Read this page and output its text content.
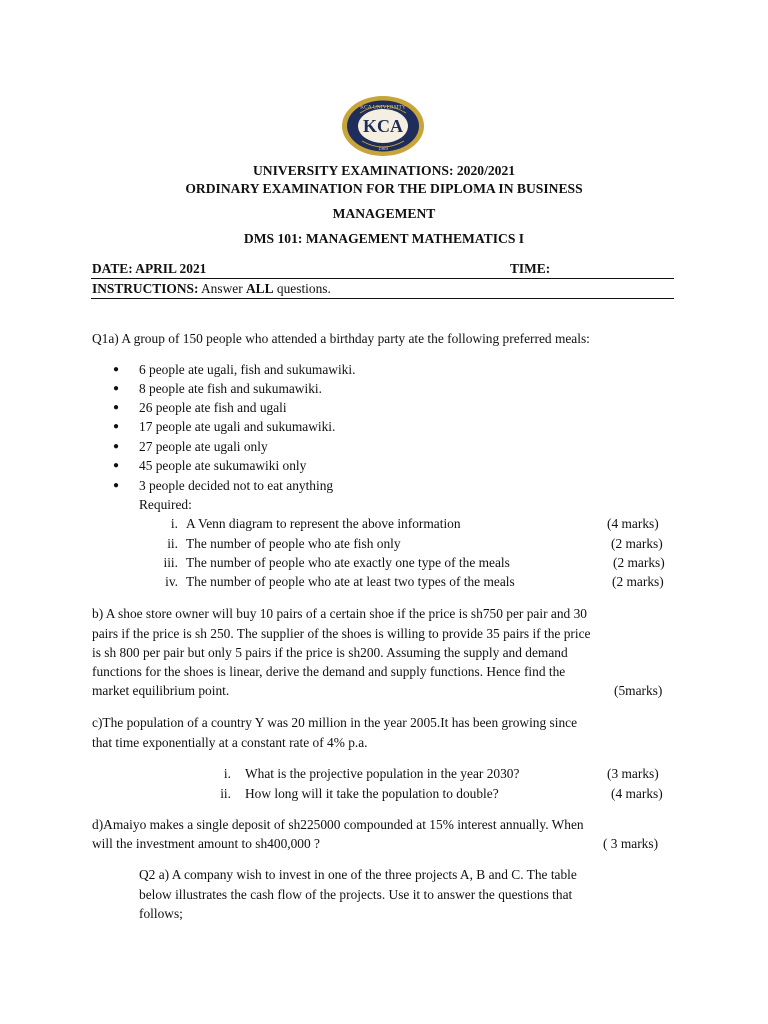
KCA UNIVERSITY
KCA
1989
UNIVERSITY EXAMINATIONS: 2020/2021
ORDINARY EXAMINATION FOR THE DIPLOMA IN BUSINESS
MANAGEMENT
DMS 101: MANAGEMENT MATHEMATICS I
DATE: APRIL 2021	TIME:
INSTRUCTIONS: Answer ALL questions.
Q1a) A group of 150 people who attended a birthday party ate the following preferred meals:
● 6 people ate ugali, fish and sukumawiki.
● 8 people ate fish and sukumawiki.
● 26 people ate fish and ugali
● 17 people ate ugali and sukumawiki.
● 27 people ate ugali only
● 45 people ate sukumawiki only
● 3 people decided not to eat anything
Required:
i. A Venn diagram to represent the above information	(4 marks)
ii. The number of people who ate fish only	(2 marks)
iii. The number of people who ate exactly one type of the meals	(2 marks)
iv. The number of people who ate at least two types of the meals	(2 marks)
b) A shoe store owner will buy 10 pairs of a certain shoe if the price is sh750 per pair and 30
pairs if the price is sh 250. The supplier of the shoes is willing to provide 35 pairs if the price
is sh 800 per pair but only 5 pairs if the price is sh200. Assuming the supply and demand
functions for the shoes is linear, derive the demand and supply functions. Hence find the
market equilibrium point.	(5marks)
c)The population of a country Y was 20 million in the year 2005.It has been growing since
that time exponentially at a constant rate of 4% p.a.
i. What is the projective population in the year 2030?	(3 marks)
ii. How long will it take the population to double?	(4 marks)
d)Amaiyo makes a single deposit of sh225000 compounded at 15% interest annually. When
will the investment amount to sh400,000 ?	( 3 marks)
Q2 a) A company wish to invest in one of the three projects A, B and C. The table
below illustrates the cash flow of the projects. Use it to answer the questions that
follows;
